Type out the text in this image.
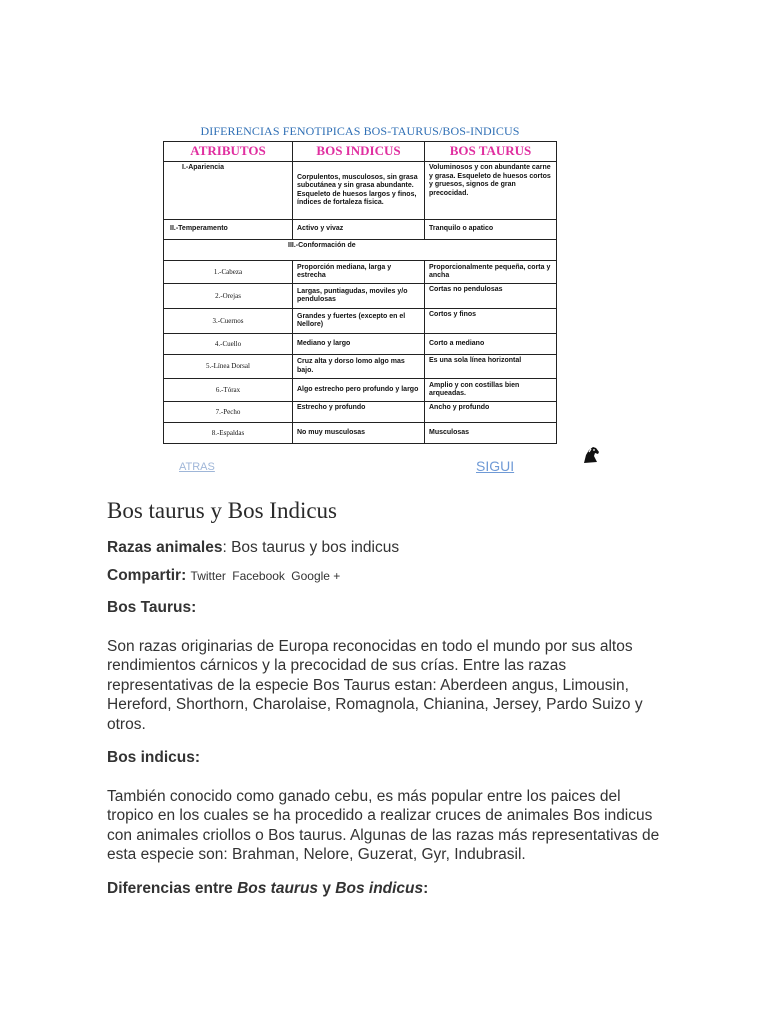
DIFERENCIAS FENOTIPICAS BOS-TAURUS/BOS-INDICUS
ATRIBUTOS	BOS INDICUS	BOS TAURUS
I.-Apariencia	Corpulentos, musculosos, sin grasa subcutánea y sin grasa abundante. Esqueleto de huesos largos y finos, índices de fortaleza física.	Voluminosos y con abundante carne y grasa. Esqueleto de huesos cortos y gruesos, signos de gran precocidad.
II.-Temperamento	Activo y vivaz	Tranquilo o apatico
III.-Conformación de		
1.-Cabeza	Proporción mediana, larga y estrecha	Proporcionalmente pequeña, corta y ancha
2.-Orejas	Largas, puntiagudas, moviles y/o pendulosas	Cortas no pendulosas
3.-Cuernos	Grandes y fuertes (excepto en el Nellore)	Cortos y finos
4.-Cuello	Mediano y largo	Corto a mediano
5.-Línea Dorsal	Cruz alta y dorso lomo algo mas bajo.	Es una sola línea horizontal
6.-Tórax	Algo estrecho pero profundo y largo	Amplio y con costillas bien arqueadas.
7.-Pecho	Estrecho y profundo	Ancho y profundo
8.-Espaldas	No muy musculosas	Musculosas
ATRAS	SIGUI
Bos taurus y Bos Indicus

Razas animales: Bos taurus y bos indicus

Compartir: Twitter Facebook Google +

Bos Taurus:

Son razas originarias de Europa reconocidas en todo el mundo por sus altos rendimientos cárnicos y la precocidad de sus crías. Entre las razas representativas de la especie Bos Taurus estan: Aberdeen angus, Limousin, Hereford, Shorthorn, Charolaise, Romagnola, Chianina, Jersey, Pardo Suizo y otros.

Bos indicus:

También conocido como ganado cebu, es más popular entre los paices del tropico en los cuales se ha procedido a realizar cruces de animales Bos indicus con animales criollos o Bos taurus. Algunas de las razas más representativas de esta especie son: Brahman, Nelore, Guzerat, Gyr, Indubrasil.

Diferencias entre Bos taurus y Bos indicus:
